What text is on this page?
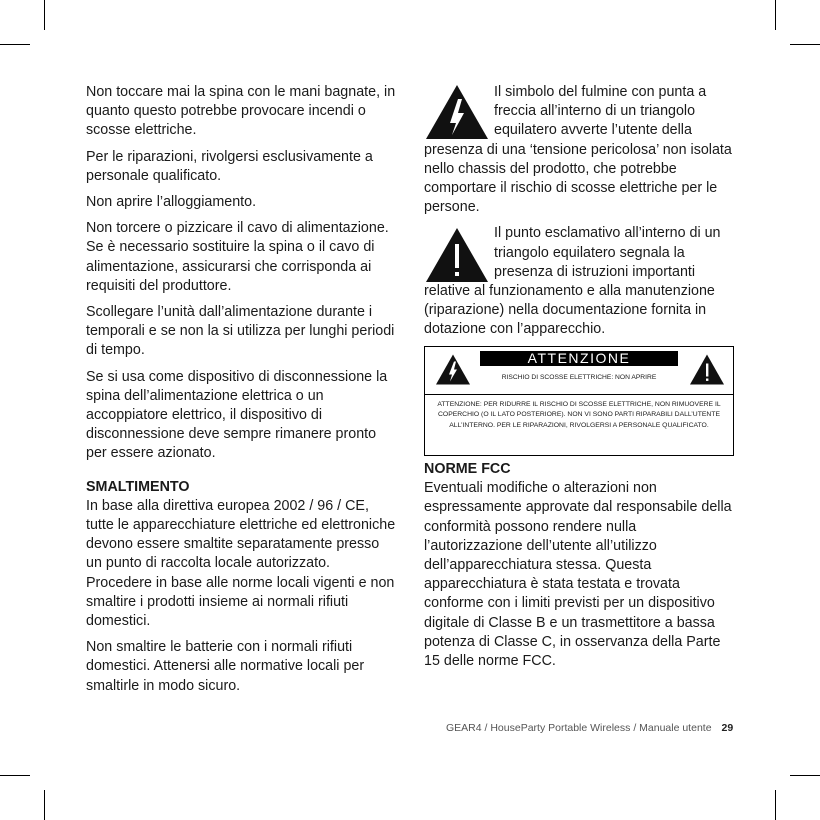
Non toccare mai la spina con le mani bagnate, in quanto questo potrebbe provocare incendi o scosse elettriche.

Per le riparazioni, rivolgersi esclusivamente a personale qualificato.

Non aprire l’alloggiamento.

Non torcere o pizzicare il cavo di alimentazione. Se è necessario sostituire la spina o il cavo di alimentazione, assicurarsi che corrisponda ai requisiti del produttore.

Scollegare l’unità dall’alimentazione durante i temporali e se non la si utilizza per lunghi periodi di tempo.

Se si usa come dispositivo di disconnessione la spina dell’alimentazione elettrica o un accoppiatore elettrico, il dispositivo di disconnessione deve sempre rimanere pronto per essere azionato.

SMALTIMENTO

In base alla direttiva europea 2002 / 96 / CE, tutte le apparecchiature elettriche ed elettroniche devono essere smaltite separatamente presso un punto di raccolta locale autorizzato. Procedere in base alle norme locali vigenti e non smaltire i prodotti insieme ai normali rifiuti domestici.

Non smaltire le batterie con i normali rifiuti domestici. Attenersi alle normative locali per smaltirle in modo sicuro.

Il simbolo del fulmine con punta a freccia all’interno di un triangolo equilatero avverte l’utente della
presenza di una ‘tensione pericolosa’ non isolata nello chassis del prodotto, che potrebbe comportare il rischio di scosse elettriche per le persone.
Il punto esclamativo all’interno di un triangolo equilatero segnala la presenza di istruzioni importanti
relative al funzionamento e alla manutenzione (riparazione) nella documentazione fornita in dotazione con l’apparecchio.
ATTENZIONE
RISCHIO DI SCOSSE ELETTRICHE: NON APRIRE
ATTENZIONE: PER RIDURRE IL RISCHIO DI SCOSSE ELETTRICHE, NON RIMUOVERE IL COPERCHIO (O IL LATO POSTERIORE). NON VI SONO PARTI RIPARABILI DALL’UTENTE ALL’INTERNO. PER LE RIPARAZIONI, RIVOLGERSI A PERSONALE QUALIFICATO.
NORME FCC

Eventuali modifiche o alterazioni non espressamente approvate dal responsabile della conformità possono rendere nulla l’autorizzazione dell’utente all’utilizzo dell’apparecchiatura stessa. Questa apparecchiatura è stata testata e trovata conforme con i limiti previsti per un dispositivo digitale di Classe B e un trasmettitore a bassa potenza di Classe C, in osservanza della Parte 15 delle norme FCC.

GEAR4 / HouseParty Portable Wireless / Manuale utente 29
